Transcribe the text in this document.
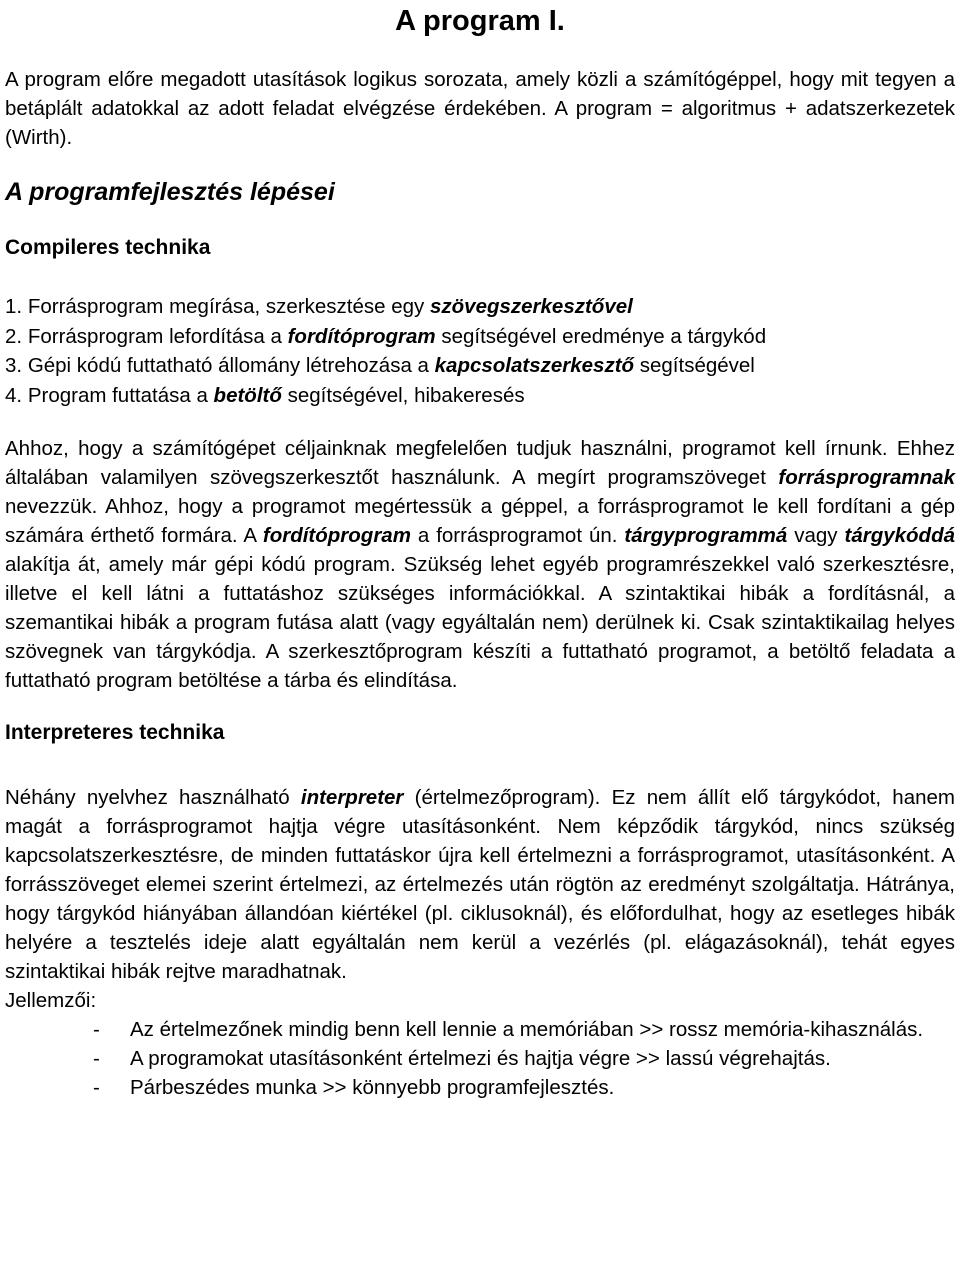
A program I.

A program előre megadott utasítások logikus sorozata, amely közli a számítógéppel, hogy mit tegyen a betáplált adatokkal az adott feladat elvégzése érdekében. A program = algoritmus + adatszerkezetek (Wirth).

A programfejlesztés lépései
Compileres technika
1. Forrásprogram megírása, szerkesztése egy szövegszerkesztővel
2. Forrásprogram lefordítása a fordítóprogram segítségével eredménye a tárgykód
3. Gépi kódú futtatható állomány létrehozása a kapcsolatszerkesztő segítségével
4. Program futtatása a betöltő segítségével, hibakeresés

Ahhoz, hogy a számítógépet céljainknak megfelelően tudjuk használni, programot kell írnunk. Ehhez általában valamilyen szövegszerkesztőt használunk. A megírt programszöveget forrásprogramnak nevezzük. Ahhoz, hogy a programot megértessük a géppel, a forrásprogramot le kell fordítani a gép számára érthető formára. A fordítóprogram a forrásprogramot ún. tárgyprogrammá vagy tárgykóddá alakítja át, amely már gépi kódú program. Szükség lehet egyéb programrészekkel való szerkesztésre, illetve el kell látni a futtatáshoz szükséges információkkal. A szintaktikai hibák a fordításnál, a szemantikai hibák a program futása alatt (vagy egyáltalán nem) derülnek ki. Csak szintaktikailag helyes szövegnek van tárgykódja. A szerkesztőprogram készíti a futtatható programot, a betöltő feladata a futtatható program betöltése a tárba és elindítása.

Interpreteres technika

Néhány nyelvhez használható interpreter (értelmezőprogram). Ez nem állít elő tárgykódot, hanem magát a forrásprogramot hajtja végre utasításonként. Nem képződik tárgykód, nincs szükség kapcsolatszerkesztésre, de minden futtatáskor újra kell értelmezni a forrásprogramot, utasításonként. A forrásszöveget elemei szerint értelmezi, az értelmezés után rögtön az eredményt szolgáltatja. Hátránya, hogy tárgykód hiányában állandóan kiértékel (pl. ciklusoknál), és előfordulhat, hogy az esetleges hibák helyére a tesztelés ideje alatt egyáltalán nem kerül a vezérlés (pl. elágazásoknál), tehát egyes szintaktikai hibák rejtve maradhatnak.

Jellemzői:

- Az értelmezőnek mindig benn kell lennie a memóriában >> rossz memória-kihasználás.
- A programokat utasításonként értelmezi és hajtja végre >> lassú végrehajtás.
- Párbeszédes munka >> könnyebb programfejlesztés.
